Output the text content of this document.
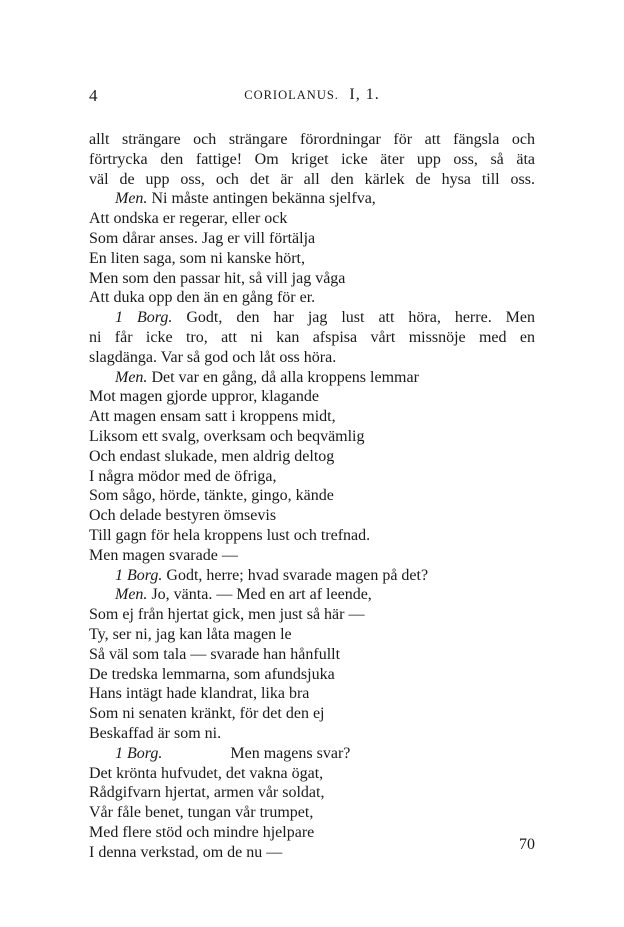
4	CORIOLANUS. I, 1.
allt strängare och strängare förordningar för att fängsla och
förtrycka den fattige! Om kriget icke äter upp oss, så äta
väl de upp oss, och det är all den kärlek de hysa till oss.
Men. Ni måste antingen bekänna sjelfva,
Att ondska er regerar, eller ock
Som dårar anses. Jag er vill förtälja
En liten saga, som ni kanske hört,
Men som den passar hit, så vill jag våga
Att duka opp den än en gång för er.
1 Borg. Godt, den har jag lust att höra, herre. Men
ni får icke tro, att ni kan afspisa vårt missnöje med en
slagdänga. Var så god och låt oss höra.
Men. Det var en gång, då alla kroppens lemmar
Mot magen gjorde uppror, klagande
Att magen ensam satt i kroppens midt,
Liksom ett svalg, overksam och beqvämlig
Och endast slukade, men aldrig deltog
I några mödor med de öfriga,
Som sågo, hörde, tänkte, gingo, kände
Och delade bestyren ömsevis
Till gagn för hela kroppens lust och trefnad.
Men magen svarade —
1 Borg. Godt, herre; hvad svarade magen på det?
Men. Jo, vänta. — Med en art af leende,
Som ej från hjertat gick, men just så här —
Ty, ser ni, jag kan låta magen le
Så väl som tala — svarade han hånfullt
De tredska lemmarna, som afundsjuka
Hans intägt hade klandrat, lika bra
Som ni senaten kränkt, för det den ej
Beskaffad är som ni.
1 Borg.                 Men magens svar?
Det krönta hufvudet, det vakna ögat,
Rådgifvarn hjertat, armen vår soldat,
Vår fåle benet, tungan vår trumpet,
Med flere stöd och mindre hjelpare
I denna verkstad, om de nu —	70
